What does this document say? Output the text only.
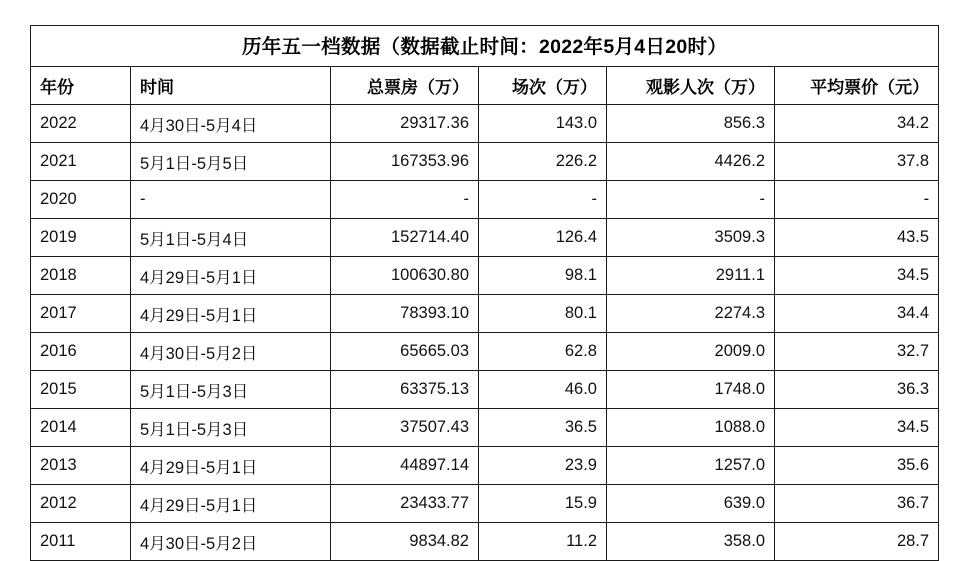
历年五一档数据（数据截止时间：2022年5月4日20时）					
年份	时间	总票房（万）	场次（万）	观影人次（万）	平均票价（元）
2022	4月30日-5月4日	29317.36	143.0	856.3	34.2
2021	5月1日-5月5日	167353.96	226.2	4426.2	37.8
2020	-	-	-	-	-
2019	5月1日-5月4日	152714.40	126.4	3509.3	43.5
2018	4月29日-5月1日	100630.80	98.1	2911.1	34.5
2017	4月29日-5月1日	78393.10	80.1	2274.3	34.4
2016	4月30日-5月2日	65665.03	62.8	2009.0	32.7
2015	5月1日-5月3日	63375.13	46.0	1748.0	36.3
2014	5月1日-5月3日	37507.43	36.5	1088.0	34.5
2013	4月29日-5月1日	44897.14	23.9	1257.0	35.6
2012	4月29日-5月1日	23433.77	15.9	639.0	36.7
2011	4月30日-5月2日	9834.82	11.2	358.0	28.7
